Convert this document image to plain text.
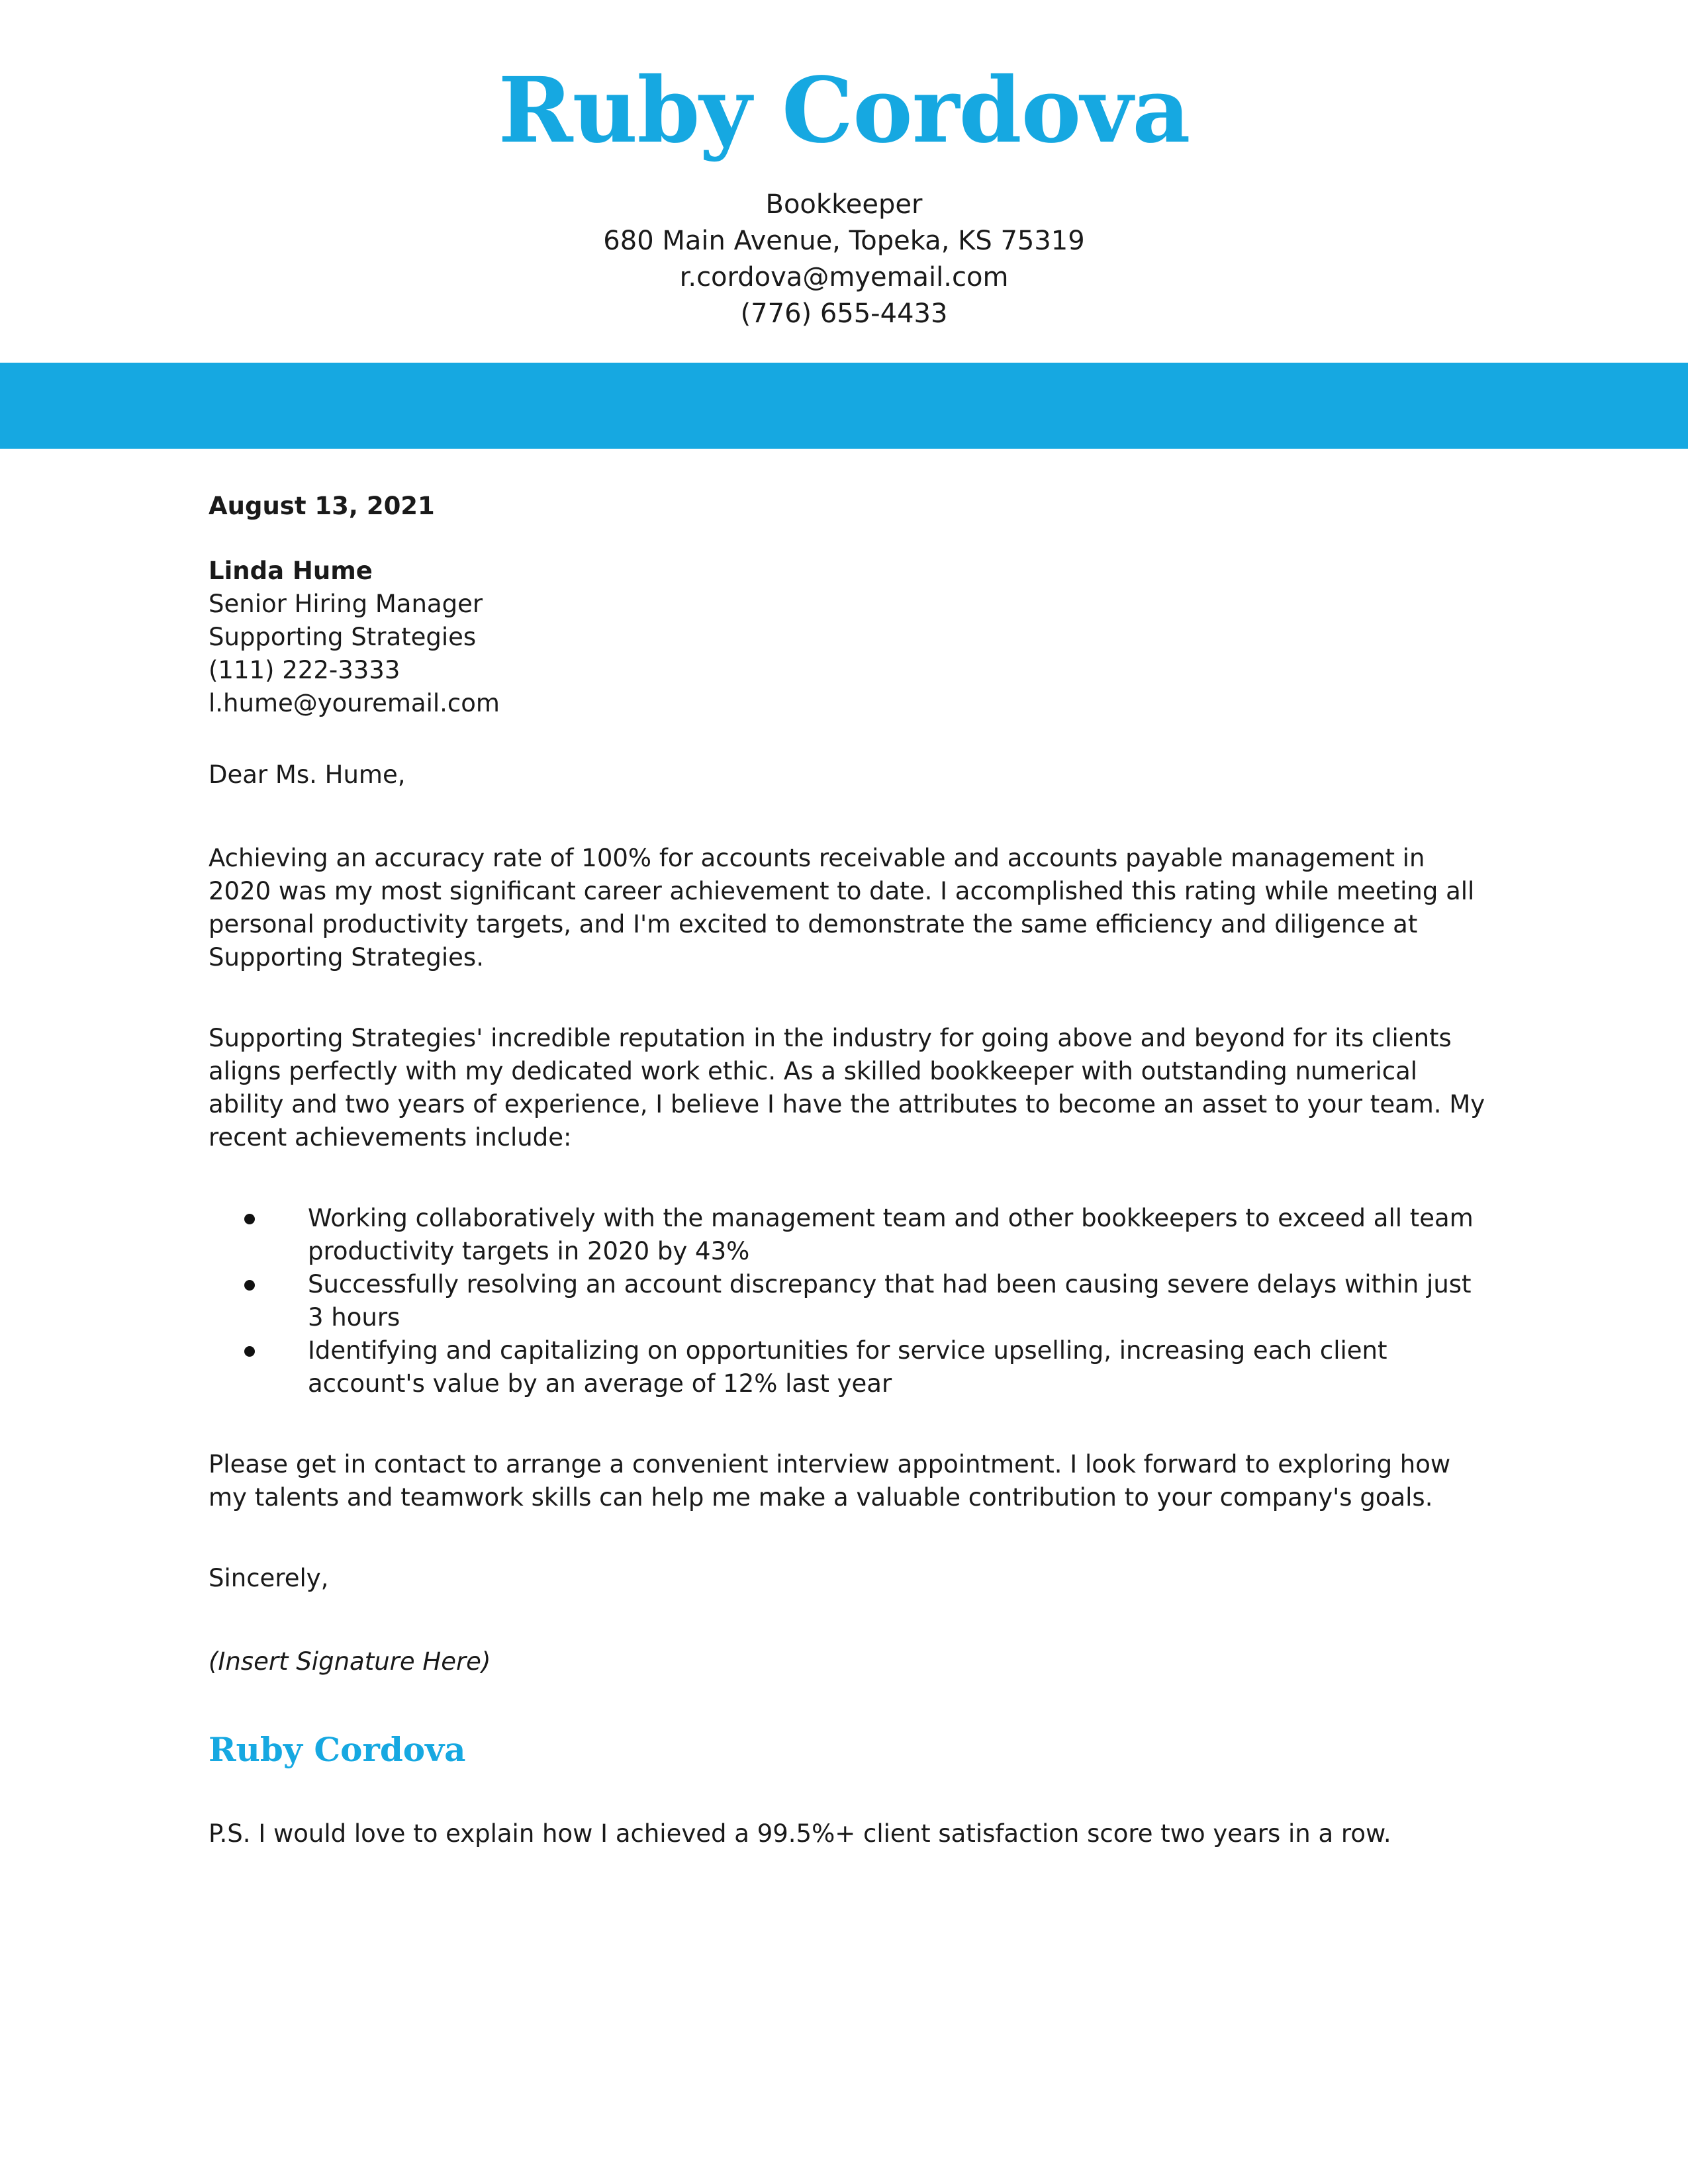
Ruby Cordova
Bookkeeper
680 Main Avenue, Topeka, KS 75319
r.cordova@myemail.com
(776) 655-4433
August 13, 2021
Linda Hume
Senior Hiring Manager
Supporting Strategies
(111) 222-3333
l.hume@youremail.com

Dear Ms. Hume,

Achieving an accuracy rate of 100% for accounts receivable and accounts payable management in 2020 was my most significant career achievement to date. I accomplished this rating while meeting all personal productivity targets, and I'm excited to demonstrate the same efficiency and diligence at Supporting Strategies.

Supporting Strategies' incredible reputation in the industry for going above and beyond for its clients aligns perfectly with my dedicated work ethic. As a skilled bookkeeper with outstanding numerical ability and two years of experience, I believe I have the attributes to become an asset to your team. My recent achievements include:

Working collaboratively with the management team and other bookkeepers to exceed all team productivity targets in 2020 by 43%
Successfully resolving an account discrepancy that had been causing severe delays within just 3 hours
Identifying and capitalizing on opportunities for service upselling, increasing each client account's value by an average of 12% last year

Please get in contact to arrange a convenient interview appointment. I look forward to exploring how my talents and teamwork skills can help me make a valuable contribution to your company's goals.

Sincerely,

(Insert Signature Here)

Ruby Cordova

P.S. I would love to explain how I achieved a 99.5%+ client satisfaction score two years in a row.
